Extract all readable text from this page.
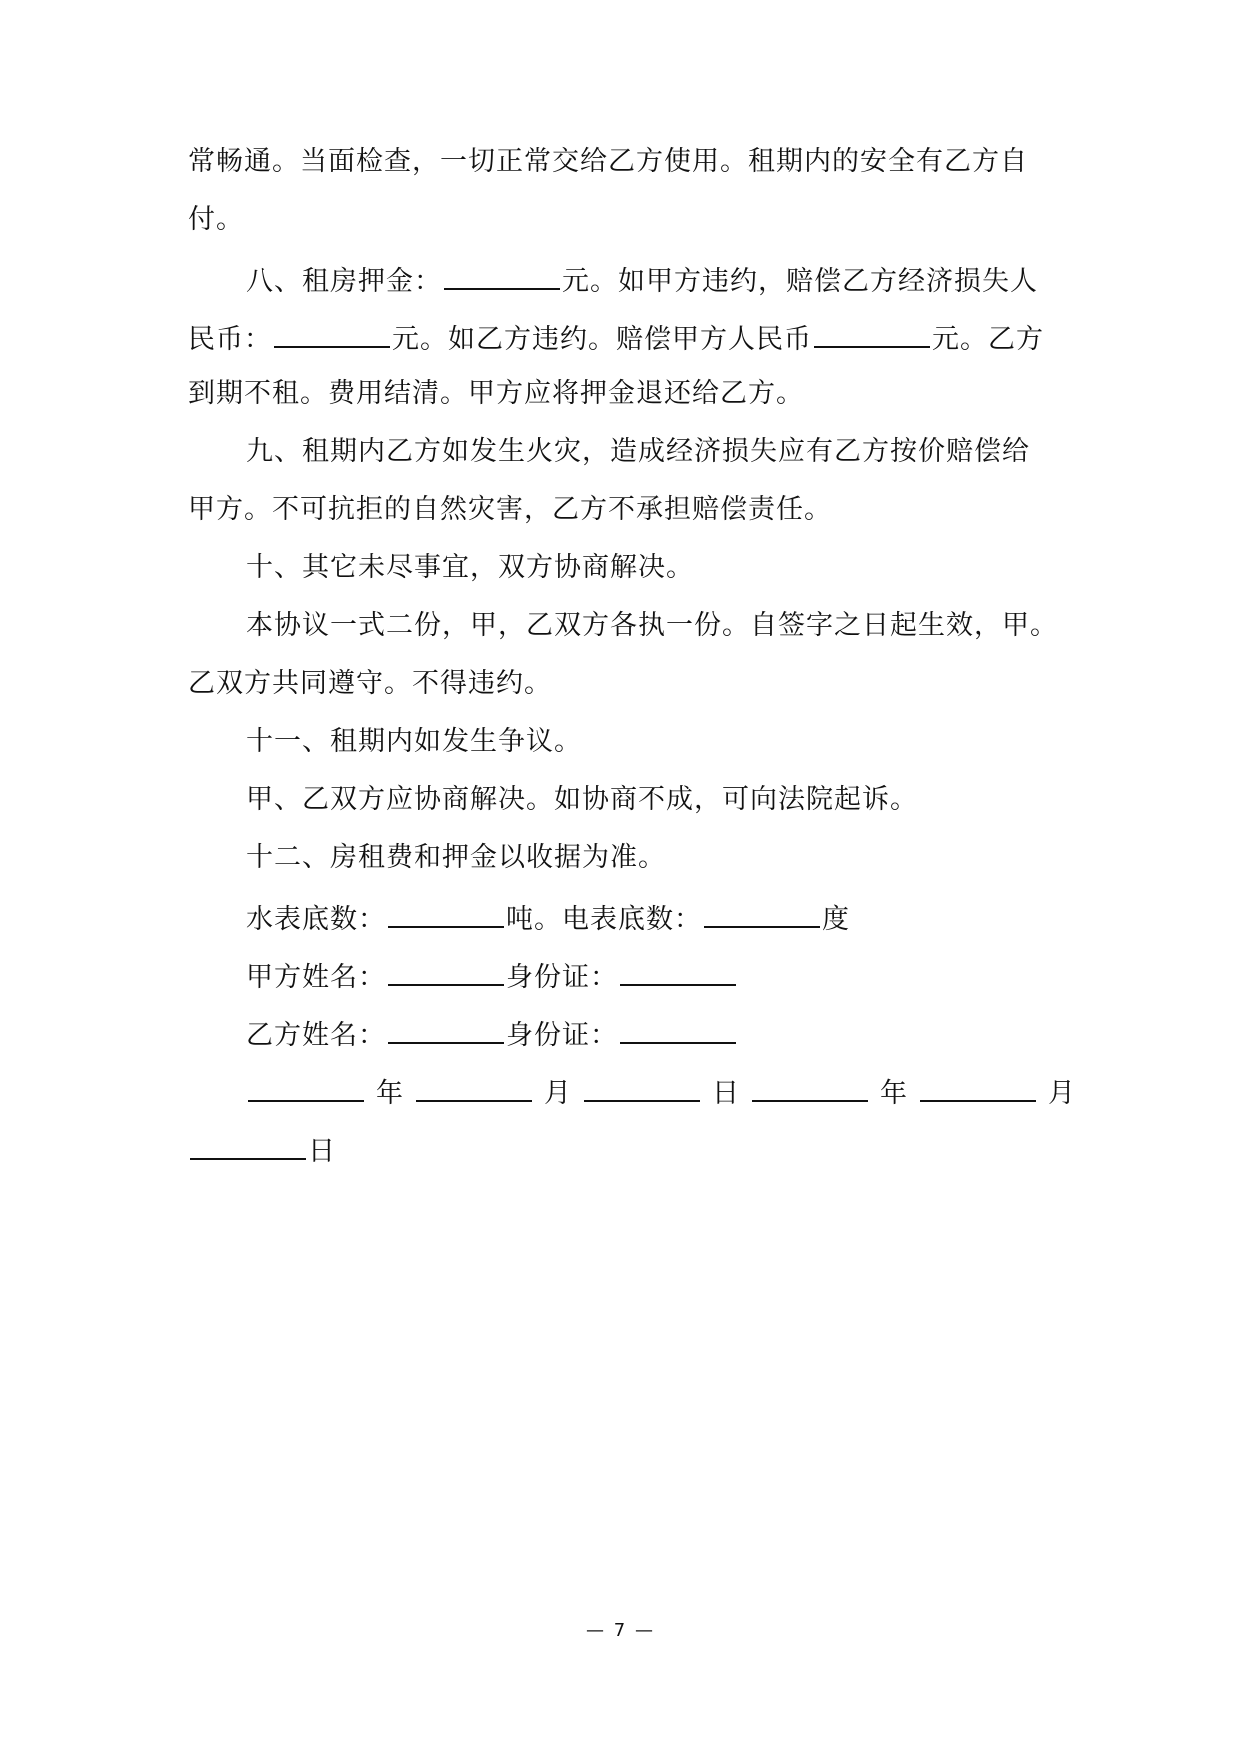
常畅通。当面检查，一切正常交给乙方使用。租期内的安全有乙方自
付。
八、租房押金：	元。如甲方违约，赔偿乙方经济损失人
民币：	元。如乙方违约。赔偿甲方人民币	元。乙方
到期不租。费用结清。甲方应将押金退还给乙方。
九、租期内乙方如发生火灾，造成经济损失应有乙方按价赔偿给
甲方。不可抗拒的自然灾害，乙方不承担赔偿责任。
十、其它未尽事宜，双方协商解决。
本协议一式二份，甲，乙双方各执一份。自签字之日起生效，甲。
乙双方共同遵守。不得违约。
十一、租期内如发生争议。
甲、乙双方应协商解决。如协商不成，可向法院起诉。
十二、房租费和押金以收据为准。
水表底数：	吨。电表底数：	度
甲方姓名：	身份证：
乙方姓名：	身份证：
年	月	日	年	月
日
— 7 —
